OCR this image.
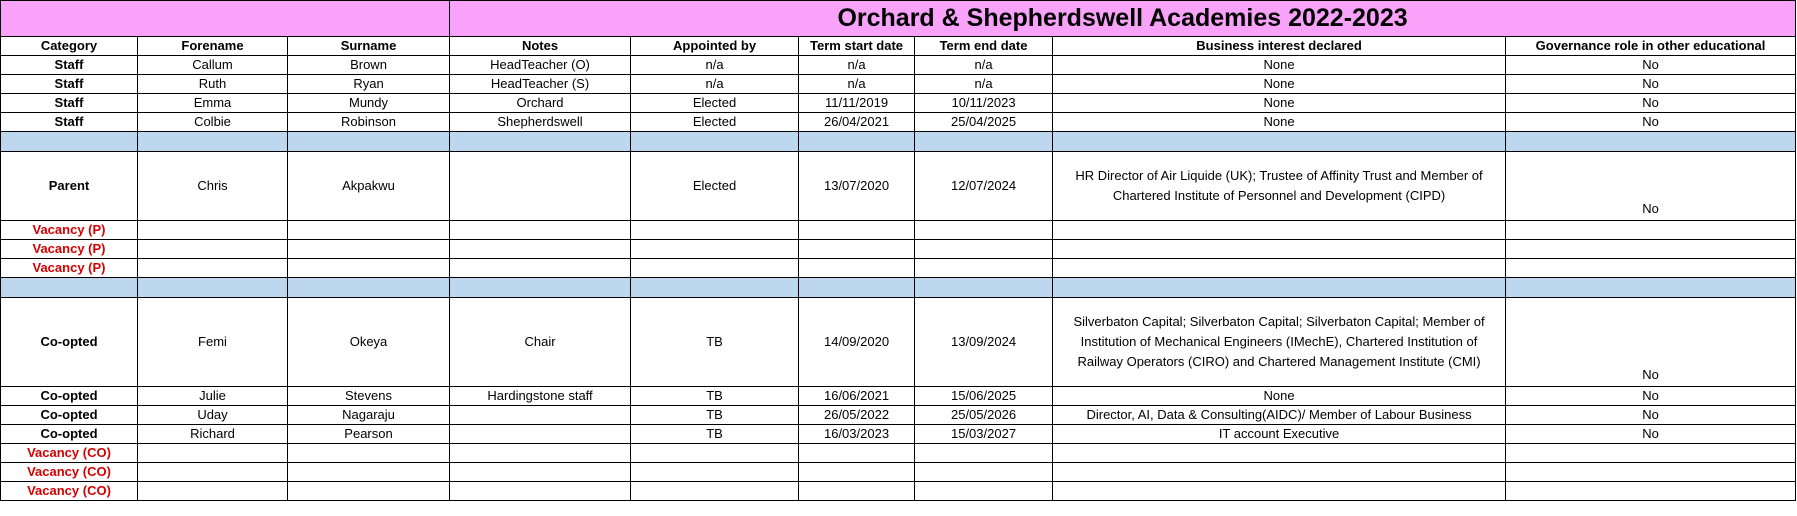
			Orchard & Shepherdswell Academies 2022-2023					
Category	Forename	Surname	Notes	Appointed by	Term start date	Term end date	Business interest declared	Governance role in other educational
Staff	Callum	Brown	HeadTeacher (O)	n/a	n/a	n/a	None	No
Staff	Ruth	Ryan	HeadTeacher (S)	n/a	n/a	n/a	None	No
Staff	Emma	Mundy	Orchard	Elected	11/11/2019	10/11/2023	None	No
Staff	Colbie	Robinson	Shepherdswell	Elected	26/04/2021	25/04/2025	None	No

Parent	Chris	Akpakwu		Elected	13/07/2020	12/07/2024	HR Director of Air Liquide (UK); Trustee of Affinity Trust and Member of Chartered Institute of Personnel and Development (CIPD)	No
Vacancy (P)								
Vacancy (P)								
Vacancy (P)								

Co-opted	Femi	Okeya	Chair	TB	14/09/2020	13/09/2024	Silverbaton Capital; Silverbaton Capital; Silverbaton Capital; Member of Institution of Mechanical Engineers (IMechE), Chartered Institution of Railway Operators (CIRO) and Chartered Management Institute (CMI)	No
Co-opted	Julie	Stevens	Hardingstone staff	TB	16/06/2021	15/06/2025	None	No
Co-opted	Uday	Nagaraju		TB	26/05/2022	25/05/2026	Director, AI, Data & Consulting(AIDC)/ Member of Labour Business	No
Co-opted	Richard	Pearson		TB	16/03/2023	15/03/2027	IT account Executive	No
Vacancy (CO)								
Vacancy (CO)								
Vacancy (CO)								
